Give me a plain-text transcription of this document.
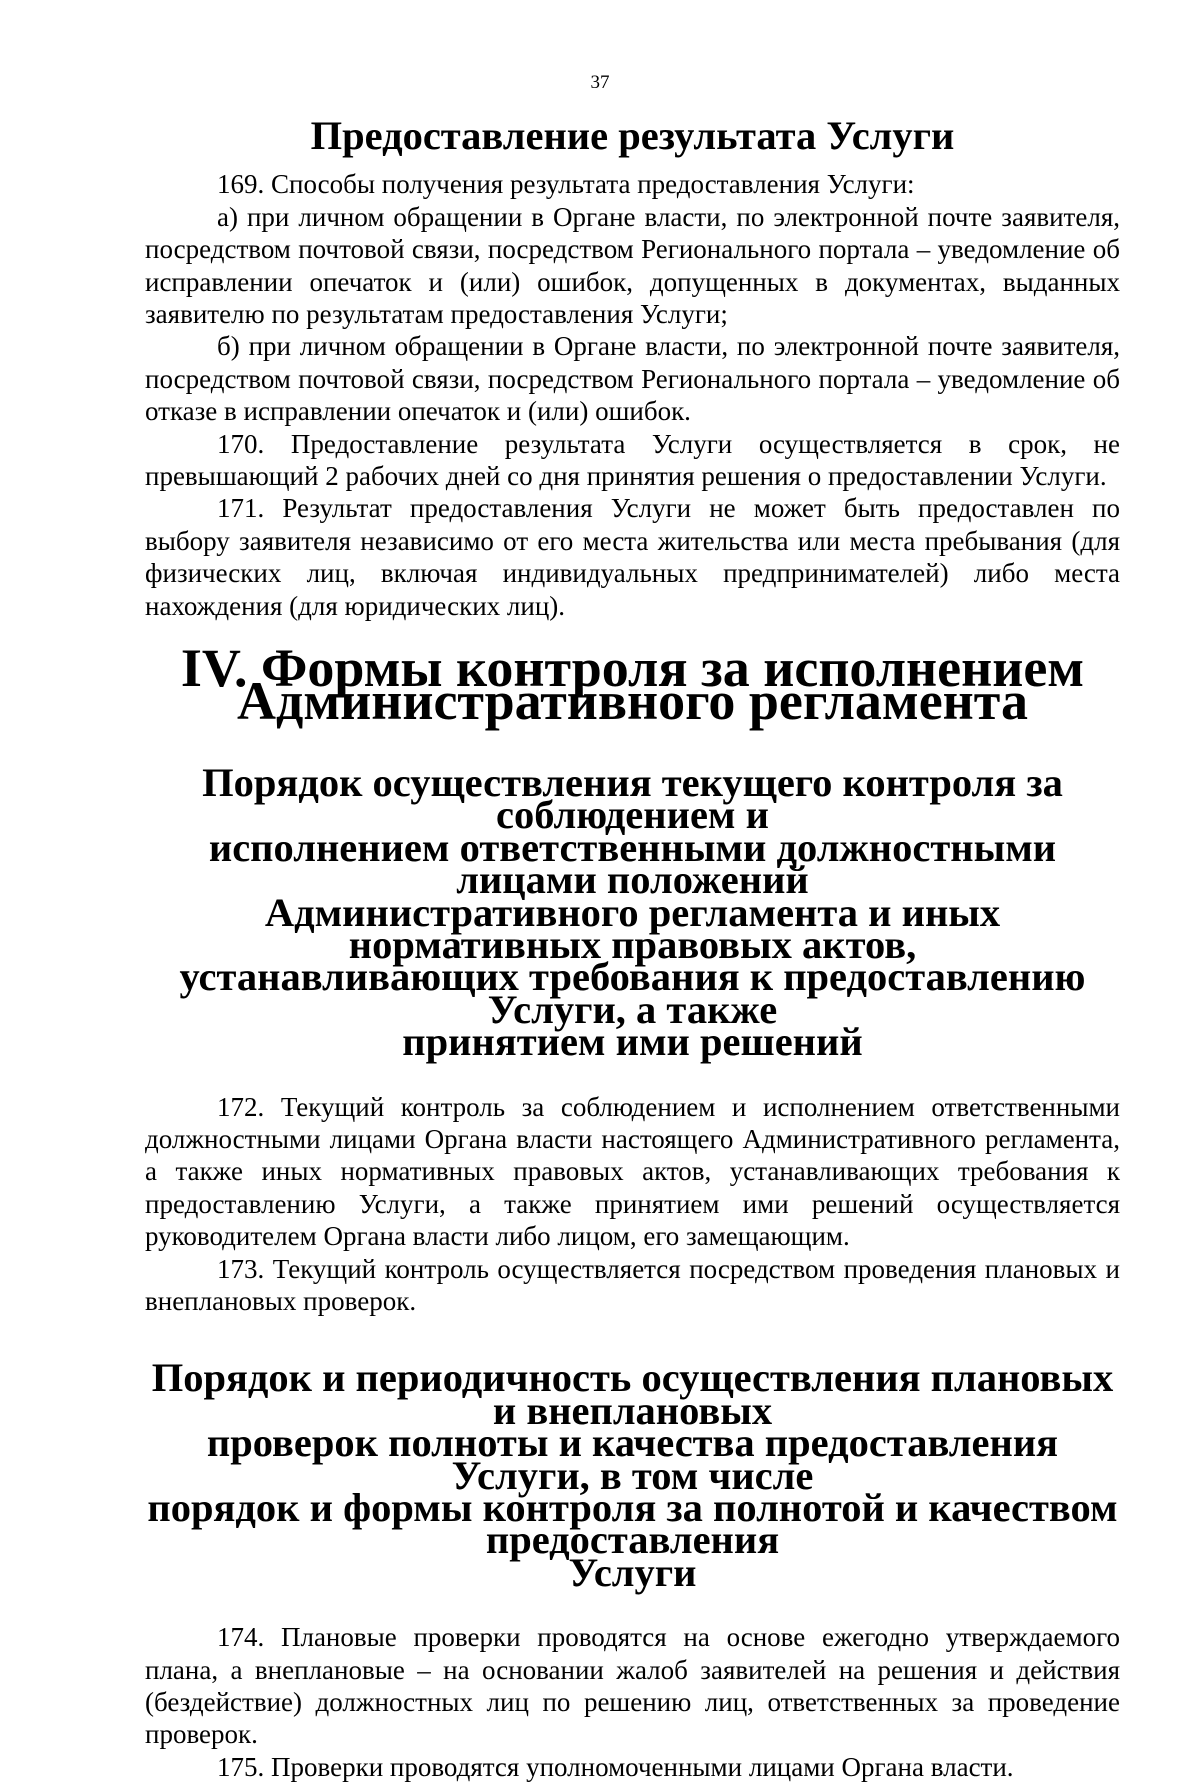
37
Предоставление результата Услуги

169. Способы получения результата предоставления Услуги:

а) при личном обращении в Органе власти, по электронной почте заявителя, посредством почтовой связи, посредством Регионального портала – уведомление об исправлении опечаток и (или) ошибок, допущенных в документах, выданных заявителю по результатам предоставления Услуги;

б) при личном обращении в Органе власти, по электронной почте заявителя, посредством почтовой связи, посредством Регионального портала – уведомление об отказе в исправлении опечаток и (или) ошибок.

170. Предоставление результата Услуги осуществляется в срок, не превышающий 2 рабочих дней со дня принятия решения о предоставлении Услуги.

171. Результат предоставления Услуги не может быть предоставлен по выбору заявителя независимо от его места жительства или места пребывания (для физических лиц, включая индивидуальных предпринимателей) либо места нахождения (для юридических лиц).

IV. Формы контроля за исполнением Административного регламента
Порядок осуществления текущего контроля за соблюдением и
исполнением ответственными должностными лицами положений
Административного регламента и иных нормативных правовых актов,
устанавливающих требования к предоставлению Услуги, а также
принятием ими решений

172. Текущий контроль за соблюдением и исполнением ответственными должностными лицами Органа власти настоящего Административного регламента, а также иных нормативных правовых актов, устанавливающих требования к предоставлению Услуги, а также принятием ими решений осуществляется руководителем Органа власти либо лицом, его замещающим.

173. Текущий контроль осуществляется посредством проведения плановых и внеплановых проверок.

Порядок и периодичность осуществления плановых и внеплановых
проверок полноты и качества предоставления Услуги, в том числе
порядок и формы контроля за полнотой и качеством предоставления
Услуги

174. Плановые проверки проводятся на основе ежегодно утверждаемого плана, а внеплановые – на основании жалоб заявителей на решения и действия (бездействие) должностных лиц по решению лиц, ответственных за проведение проверок.

175. Проверки проводятся уполномоченными лицами Органа власти.
